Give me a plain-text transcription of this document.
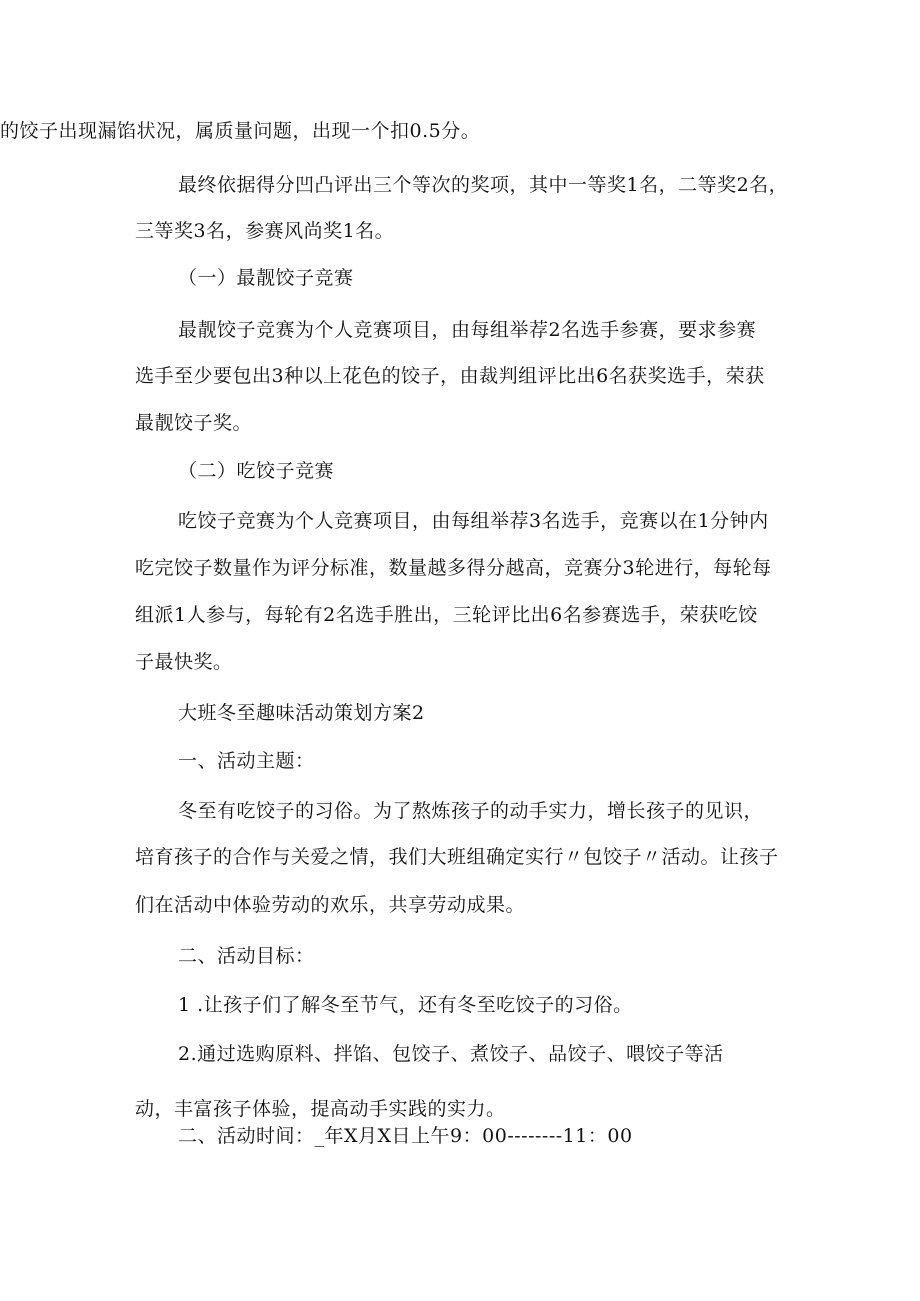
的饺子出现漏馅状况，属质量问题，出现一个扣0.5分。
最终依据得分凹凸评出三个等次的奖项，其中一等奖1名，二等奖2名，
三等奖3名，参赛风尚奖1名。
（一）最靓饺子竞赛
最靓饺子竞赛为个人竞赛项目，由每组举荐2名选手参赛，要求参赛
选手至少要包出3种以上花色的饺子，由裁判组评比出6名获奖选手，荣获
最靓饺子奖。
（二）吃饺子竞赛
吃饺子竞赛为个人竞赛项目，由每组举荐3名选手，竞赛以在1分钟内
吃完饺子数量作为评分标准，数量越多得分越高，竞赛分3轮进行，每轮每
组派1人参与，每轮有2名选手胜出，三轮评比出6名参赛选手，荣获吃饺
子最快奖。
大班冬至趣味活动策划方案2
一、活动主题：
冬至有吃饺子的习俗。为了熬炼孩子的动手实力，增长孩子的见识，
培育孩子的合作与关爱之情，我们大班组确定实行〃包饺子〃活动。让孩子
们在活动中体验劳动的欢乐，共享劳动成果。
二、活动目标：
1 .让孩子们了解冬至节气，还有冬至吃饺子的习俗。
2.通过选购原料、拌馅、包饺子、煮饺子、品饺子、喂饺子等活
动，丰富孩子体验，提高动手实践的实力。
二、活动时间：_年X月X日上午9：00--------11：00
